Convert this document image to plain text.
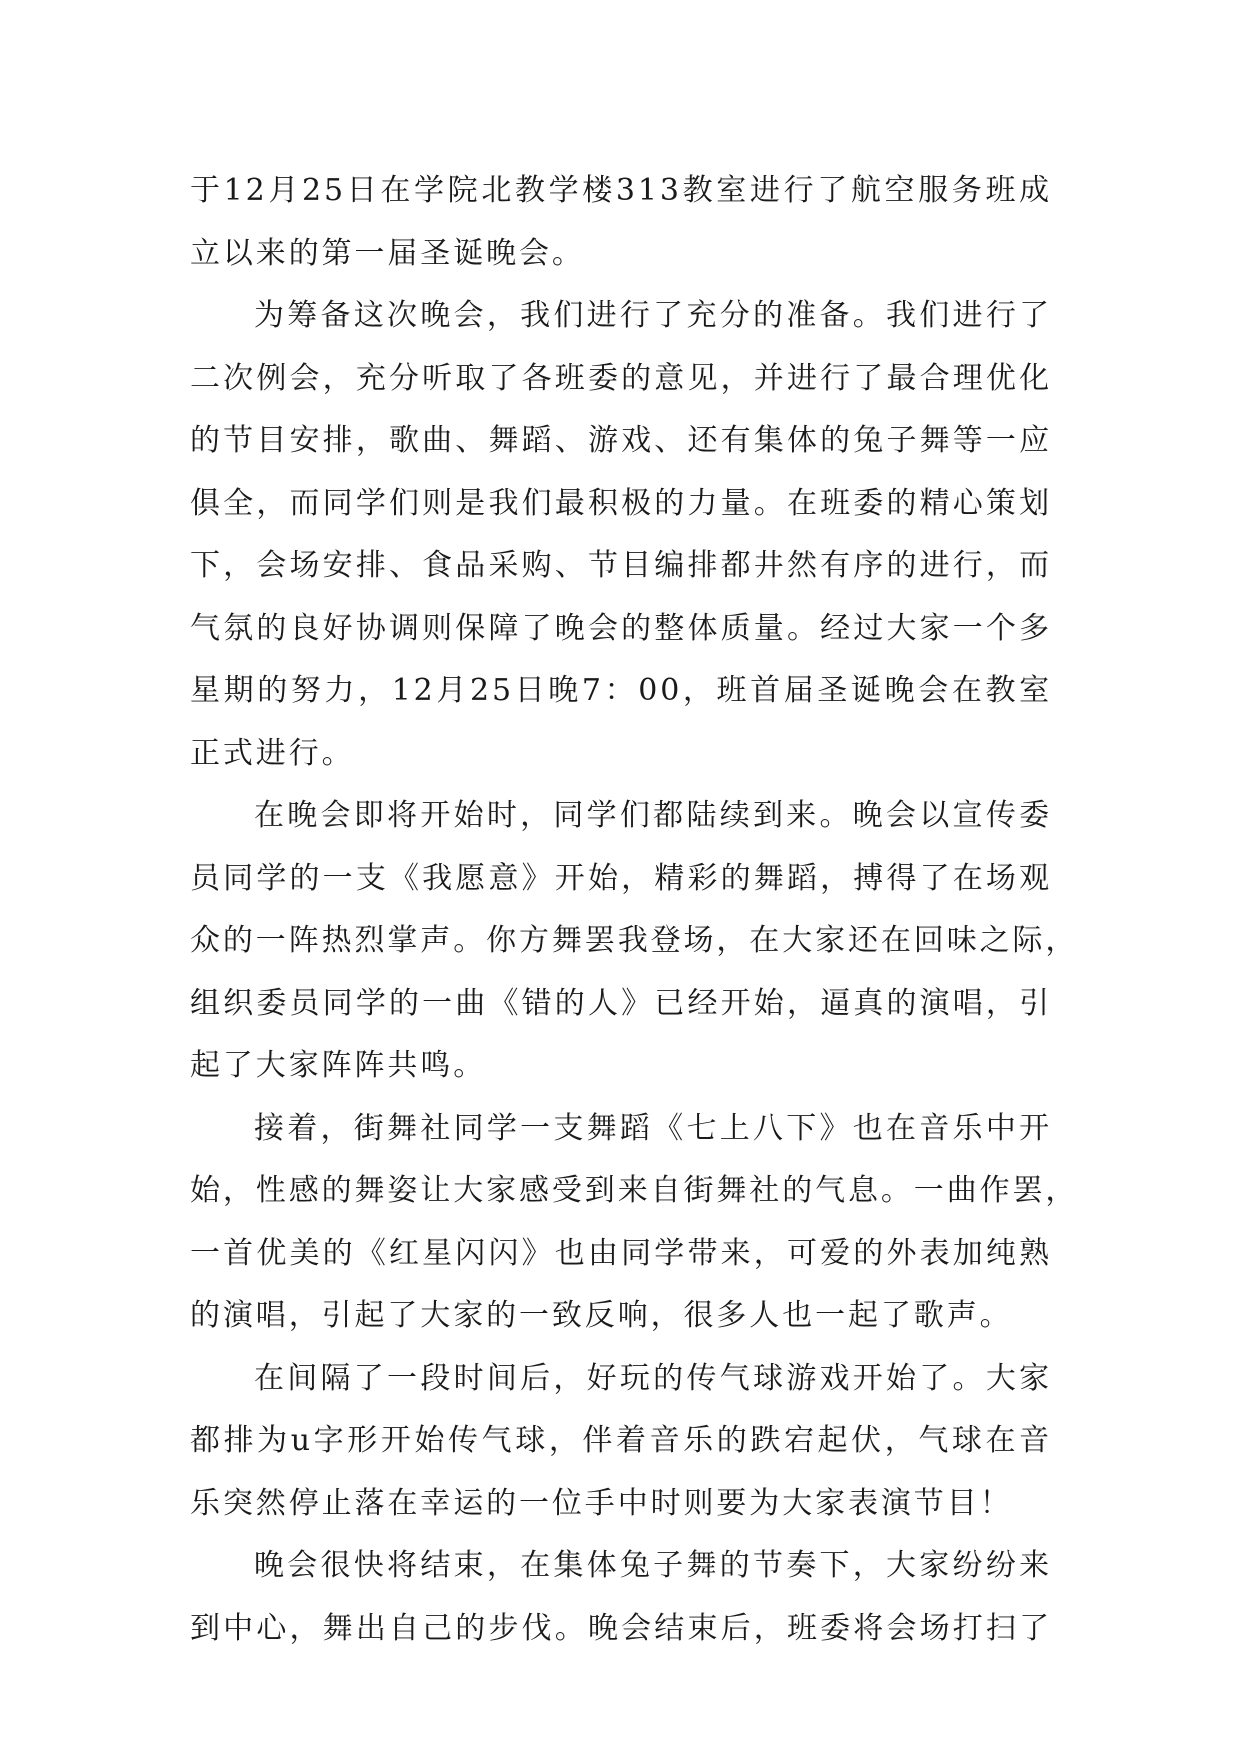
于12月25日在学院北教学楼313教室进行了航空服务班成
立以来的第一届圣诞晚会。
为筹备这次晚会，我们进行了充分的准备。我们进行了
二次例会，充分听取了各班委的意见，并进行了最合理优化
的节目安排，歌曲、舞蹈、游戏、还有集体的兔子舞等一应
俱全，而同学们则是我们最积极的力量。在班委的精心策划
下，会场安排、食品采购、节目编排都井然有序的进行，而
气氛的良好协调则保障了晚会的整体质量。经过大家一个多
星期的努力，12月25日晚7：00，班首届圣诞晚会在教室
正式进行。
在晚会即将开始时，同学们都陆续到来。晚会以宣传委
员同学的一支《我愿意》开始，精彩的舞蹈，搏得了在场观
众的一阵热烈掌声。你方舞罢我登场，在大家还在回味之际，
组织委员同学的一曲《错的人》已经开始，逼真的演唱，引
起了大家阵阵共鸣。
接着，街舞社同学一支舞蹈《七上八下》也在音乐中开
始，性感的舞姿让大家感受到来自街舞社的气息。一曲作罢，
一首优美的《红星闪闪》也由同学带来，可爱的外表加纯熟
的演唱，引起了大家的一致反响，很多人也一起了歌声。
在间隔了一段时间后，好玩的传气球游戏开始了。大家
都排为u字形开始传气球，伴着音乐的跌宕起伏，气球在音
乐突然停止落在幸运的一位手中时则要为大家表演节目！
晚会很快将结束，在集体兔子舞的节奏下，大家纷纷来
到中心，舞出自己的步伐。晚会结束后，班委将会场打扫了
